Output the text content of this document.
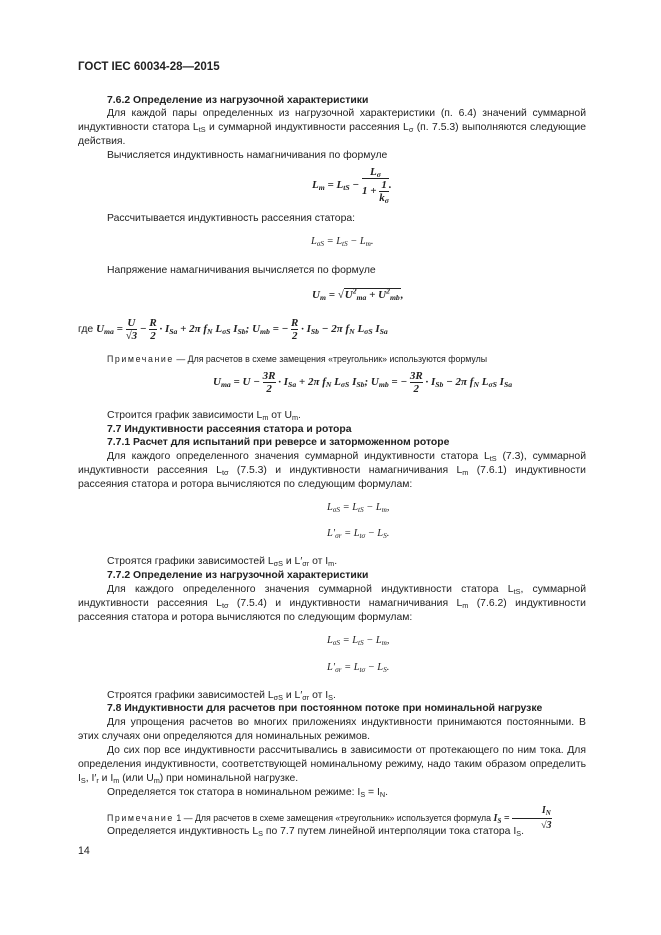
ГОСТ IEC 60034-28—2015
7.6.2 Определение из нагрузочной характеристики
Для каждой пары определенных из нагрузочной характеристики (п. 6.4) значений суммарной индуктивности статора $L_{tS}$ и суммарной индуктивности рассеяния $L_\sigma$ (п. 7.5.3) выполняются следующие действия.
Вычисляется индуктивность намагничивания по формуле
$L_m = L_{tS} - \frac{L_\sigma}{1 + \frac{1}{k_\sigma}}$ .
Рассчитывается индуктивность рассеяния статора:
$L_{\sigma S} = L_{tS} - L_m$.
Напряжение намагничивания вычисляется по формуле
$U_m = √U^2_{ma} + U^2_{mb}$,
где $U_{ma} = \frac{U}{√3} - \frac{R}{2} \cdot I_{Sa} + 2\pi$ $f_N$ $L_{\sigma S}$ $I_{Sb}$; $U_{mb}$ = − $\frac{R}{2} \cdot I_{Sb} - 2\pi$ $f_N$ $L_{\sigma S}$ $I_{Sa}$
Примечание — Для расчетов в схеме замещения «треугольник» используются формулы
$U_{ma} = U - \frac{3R}{2} \cdot I_{Sa} + 2\pi$ $f_N$ $L_{\sigma S}$ $I_{Sb}$; $U_{mb}$ = − $\frac{3R}{2} \cdot I_{Sb} - 2\pi$ $f_N$ $L_{\sigma S}$ $I_{Sa}$
Строится график зависимости $L_m$ от $U_m$.
7.7 Индуктивности рассеяния статора и ротора
7.7.1 Расчет для испытаний при реверсе и заторможенном роторе
Для каждого определенного значения суммарной индуктивности статора $L_{tS}$ (7.3), суммарной индуктивности рассеяния $L_{t\sigma}$ (7.5.3) и индуктивности намагничивания $L_m$ (7.6.1) индуктивности рассеяния статора и ротора вычисляются по следующим формулам:
$L_{\sigma S} = L_{tS} - L_m$,
$L'_{\sigma r} = L_{t\sigma} - L_S$.
Строятся графики зависимостей $L_{\sigma S}$ и $L'_{\sigma r}$ от $I_m$.
7.7.2 Определение из нагрузочной характеристики
Для каждого определенного значения суммарной индуктивности статора $L_{tS}$, суммарной индуктивности рассеяния $L_{t\sigma}$ (7.5.4) и индуктивности намагничивания $L_m$ (7.6.2) индуктивности рассеяния статора и ротора вычисляются по следующим формулам:
$L_{\sigma S} = L_{tS} - L_m$,
$L'_{\sigma r} = L_{t\sigma} - L_S$.
Строятся графики зависимостей $L_{\sigma S}$ и $L'_{\sigma r}$ от $I_S$.
7.8 Индуктивности для расчетов при постоянном потоке при номинальной нагрузке
Для упрощения расчетов во многих приложениях индуктивности принимаются постоянными. В этих случаях они определяются для номинальных режимов.
До сих пор все индуктивности рассчитывались в зависимости от протекающего по ним тока. Для определения индуктивности, соответствующей номинальному режиму, надо таким образом определить $I_S$, $I'_r$ и $I_m$ (или $U_m$) при номинальной нагрузке.
Определяется ток статора в номинальном режиме: $I_S = I_N$.
Примечание 1 — Для расчетов в схеме замещения «треугольник» используется формула $I_S = \frac{I_N}{√3}$
Определяется индуктивность $L_S$ по 7.7 путем линейной интерполяции тока статора $I_S$.
14
